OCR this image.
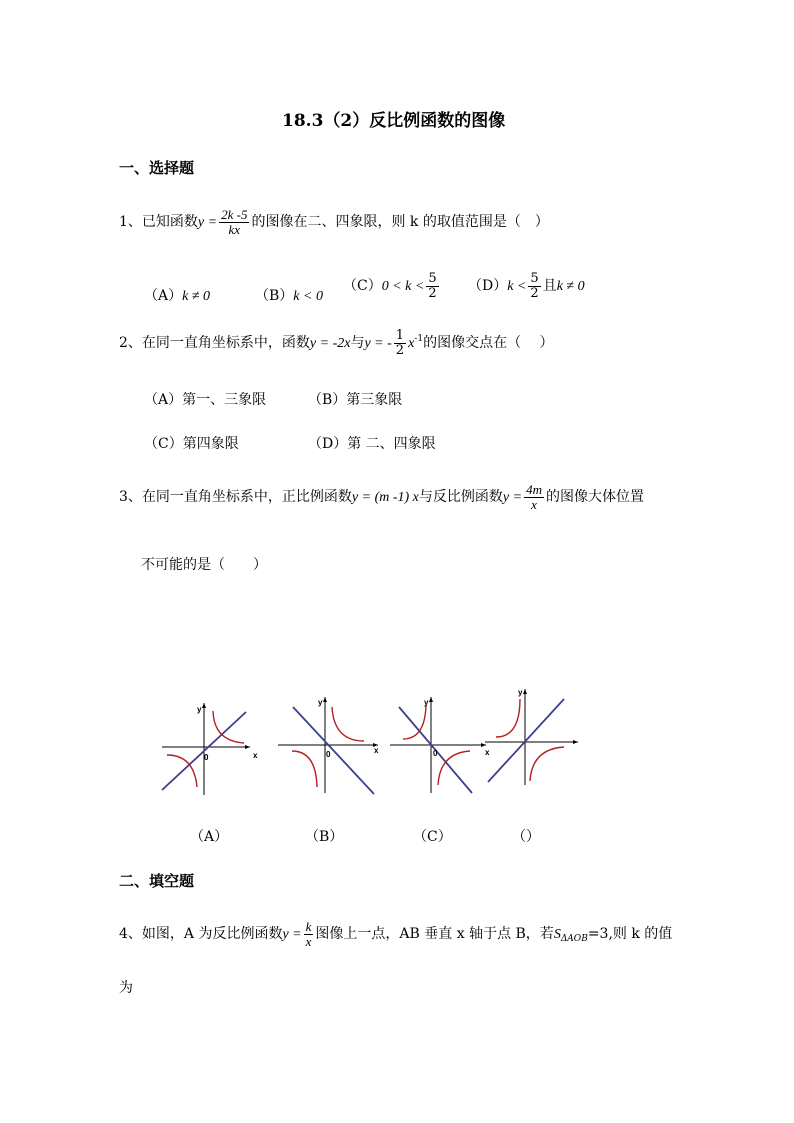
18.3（2）反比例函数的图像
一、选择题
1、已知函数$y = \frac{2k -5}{kx}$ 的图像在二、四象限，则 k 的取值范围是（　）
（A）k ≠ 0	（B）k < 0
$(C)0 < k < \frac{5}{2} (D)k < \frac{5}{2}$ 且k ≠ 0
2、在同一直角坐标系中，函数y = -2x与y = - $\frac{1}{2} x^{-1}$的图像交点在（　 ）
（A）第一、三象限	（B）第三象限
（C）第四象限	（D）第 二、四象限
3、在同一直角坐标系中，正比例函数y = (m -1) x与反比例函数$y = \frac{4m}{x}$ 的图像大体位置
不可能的是（　　）
y
x
0
y
x
0
y
x
0
y
（A）	（B）	（C）	（）
二、填空题
4、如图，A 为反比例函数$y = \frac{k}{x}$ 图像上一点，AB 垂直 x 轴于点 B，若$S_{\Delta AOB}=3$,则 k 的值
为
